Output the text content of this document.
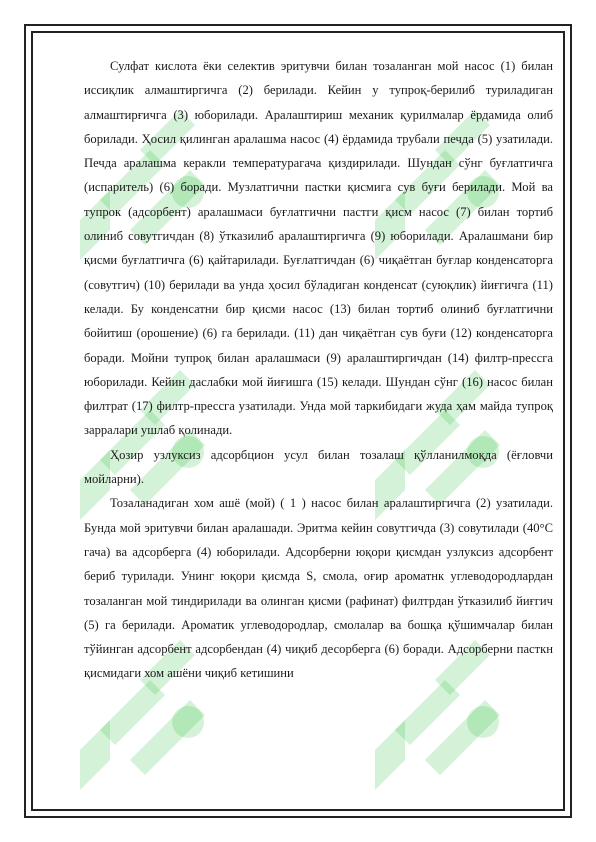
Сулфат кислота ёки селектив эритувчи билан тозаланган мой насос (1) билан иссиқлик алмаштиргичга (2) берилади. Кейин у тупроқ-берилиб туриладиган алмаштирғичга (3) юборилади. Аралаштириш механик қурилмалар ёрдамида олиб борилади. Ҳосил қилинган аралашма насос (4) ёрдамида трубали печда (5) узатилади. Печда аралашма керакли температурагача қиздирилади. Шундан сўнг буғлатгичга (испаритель) (6) боради. Музлатгични пастки қисмига сув буғи берилади. Мой ва тупрок (адсорбент) аралашмаси буғлатгични пастги қисм насос (7) билан тортиб олиниб совутгичдан (8) ўтказилиб аралаштиргичга (9) юборилади. Аралашмани бир қисми буғлатгичга (6) қайтарилади. Буғлатгичдан (6) чиқаётган буғлар конденсаторга (совутгич) (10) берилади ва унда ҳосил бўладиган конденсат (суюқлик) йиғгичга (11) келади. Бу конденсатни бир қисми насос (13) билан тортиб олиниб буғлатгични бойитиш (орошение) (6) га берилади. (11) дан чиқаётган сув буғи (12) конденсаторга боради. Мойни тупроқ билан аралашмаси (9) аралаштиргичдан (14) филтр-прессга юборилади. Кейин даслабки мой йиғишга (15) келади. Шундан сўнг (16) насос билан филтрат (17) филтр-прессга узатилади. Унда мой таркибидаги жуда ҳам майда тупроқ зарралари ушлаб қолинади.

Ҳозир узлуксиз адсорбцион усул билан тозалаш қўлланилмоқда (ёғловчи мойларни).

Тозаланадиган хом ашё (мой) ( 1 ) насос билан аралаштиргичга (2) узатилади. Бунда мой эритувчи билан аралашади. Эритма кейин совутгичда (3) совутилади (40°С гача) ва адсорберга (4) юборилади. Адсорберни юқори қисмдан узлуксиз адсорбент бериб турилади. Унинг юқори қисмда S, смола, оғир ароматнк углеводородлардан тозаланган мой тиндирилади ва олинган қисми (рафинат) филтрдан ўтказилиб йиғгич (5) га берилади. Ароматик углеводородлар, смолалар ва бошқа қўшимчалар билан тўйинган адсорбент адсорбендан (4) чиқиб десорберга (6) боради. Адсорберни пасткн қисмидаги хом ашёни чиқиб кетишини
